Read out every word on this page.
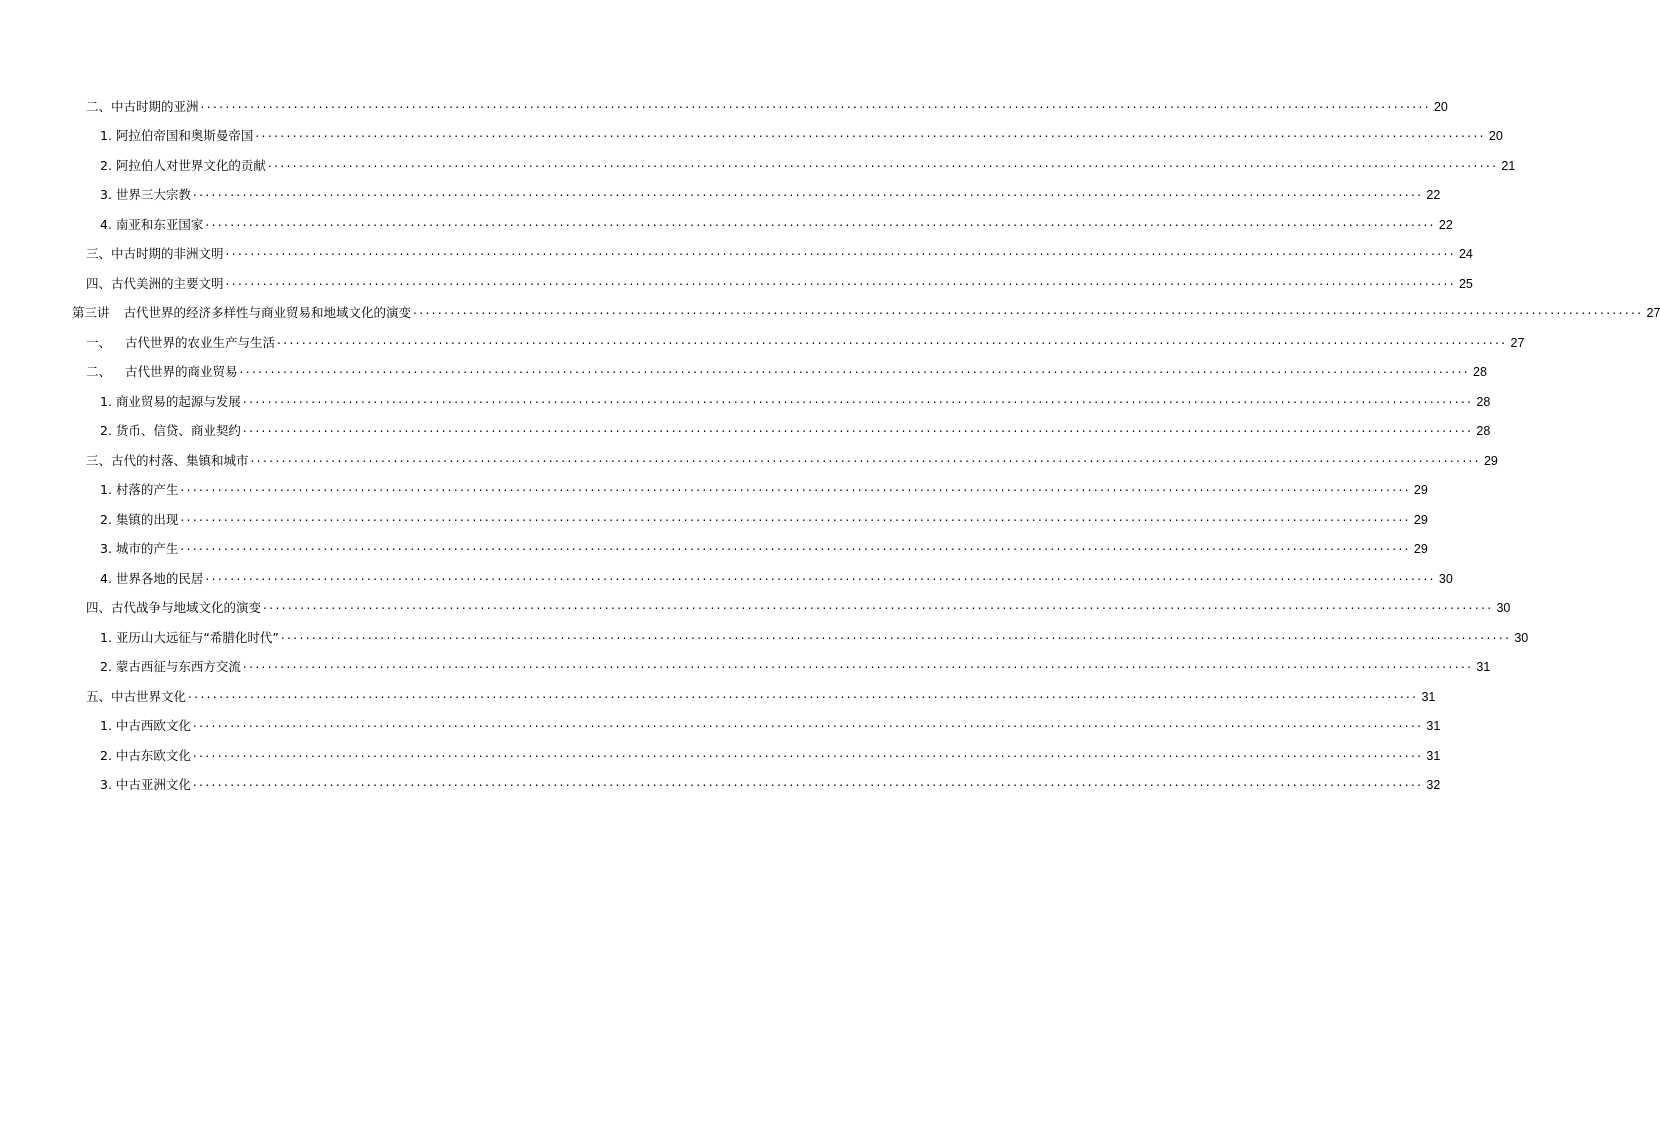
二、中古时期的亚洲 ...................................................................................................................................................................................................... 20
1. 阿拉伯帝国和奥斯曼帝国 ...................................................................................................................................................................................................... 20
2. 阿拉伯人对世界文化的贡献 ...................................................................................................................................................................................................... 21
3. 世界三大宗教 ...................................................................................................................................................................................................... 22
4. 南亚和东亚国家 ...................................................................................................................................................................................................... 22
三、中古时期的非洲文明 ...................................................................................................................................................................................................... 24
四、古代美洲的主要文明 ...................................................................................................................................................................................................... 25
第三讲 古代世界的经济多样性与商业贸易和地域文化的演变 ...................................................................................................................................................................................................... 27
一、 古代世界的农业生产与生活 ...................................................................................................................................................................................................... 27
二、 古代世界的商业贸易 ...................................................................................................................................................................................................... 28
1. 商业贸易的起源与发展 ...................................................................................................................................................................................................... 28
2. 货币、信贷、商业契约 ...................................................................................................................................................................................................... 28
三、古代的村落、集镇和城市 ...................................................................................................................................................................................................... 29
1. 村落的产生 ...................................................................................................................................................................................................... 29
2. 集镇的出现 ...................................................................................................................................................................................................... 29
3. 城市的产生 ...................................................................................................................................................................................................... 29
4. 世界各地的民居 ...................................................................................................................................................................................................... 30
四、古代战争与地域文化的演变 ...................................................................................................................................................................................................... 30
1. 亚历山大远征与“希腊化时代” ...................................................................................................................................................................................................... 30
2. 蒙古西征与东西方交流 ...................................................................................................................................................................................................... 31
五、中古世界文化 ...................................................................................................................................................................................................... 31
1. 中古西欧文化 ...................................................................................................................................................................................................... 31
2. 中古东欧文化 ...................................................................................................................................................................................................... 31
3. 中古亚洲文化 ...................................................................................................................................................................................................... 32
